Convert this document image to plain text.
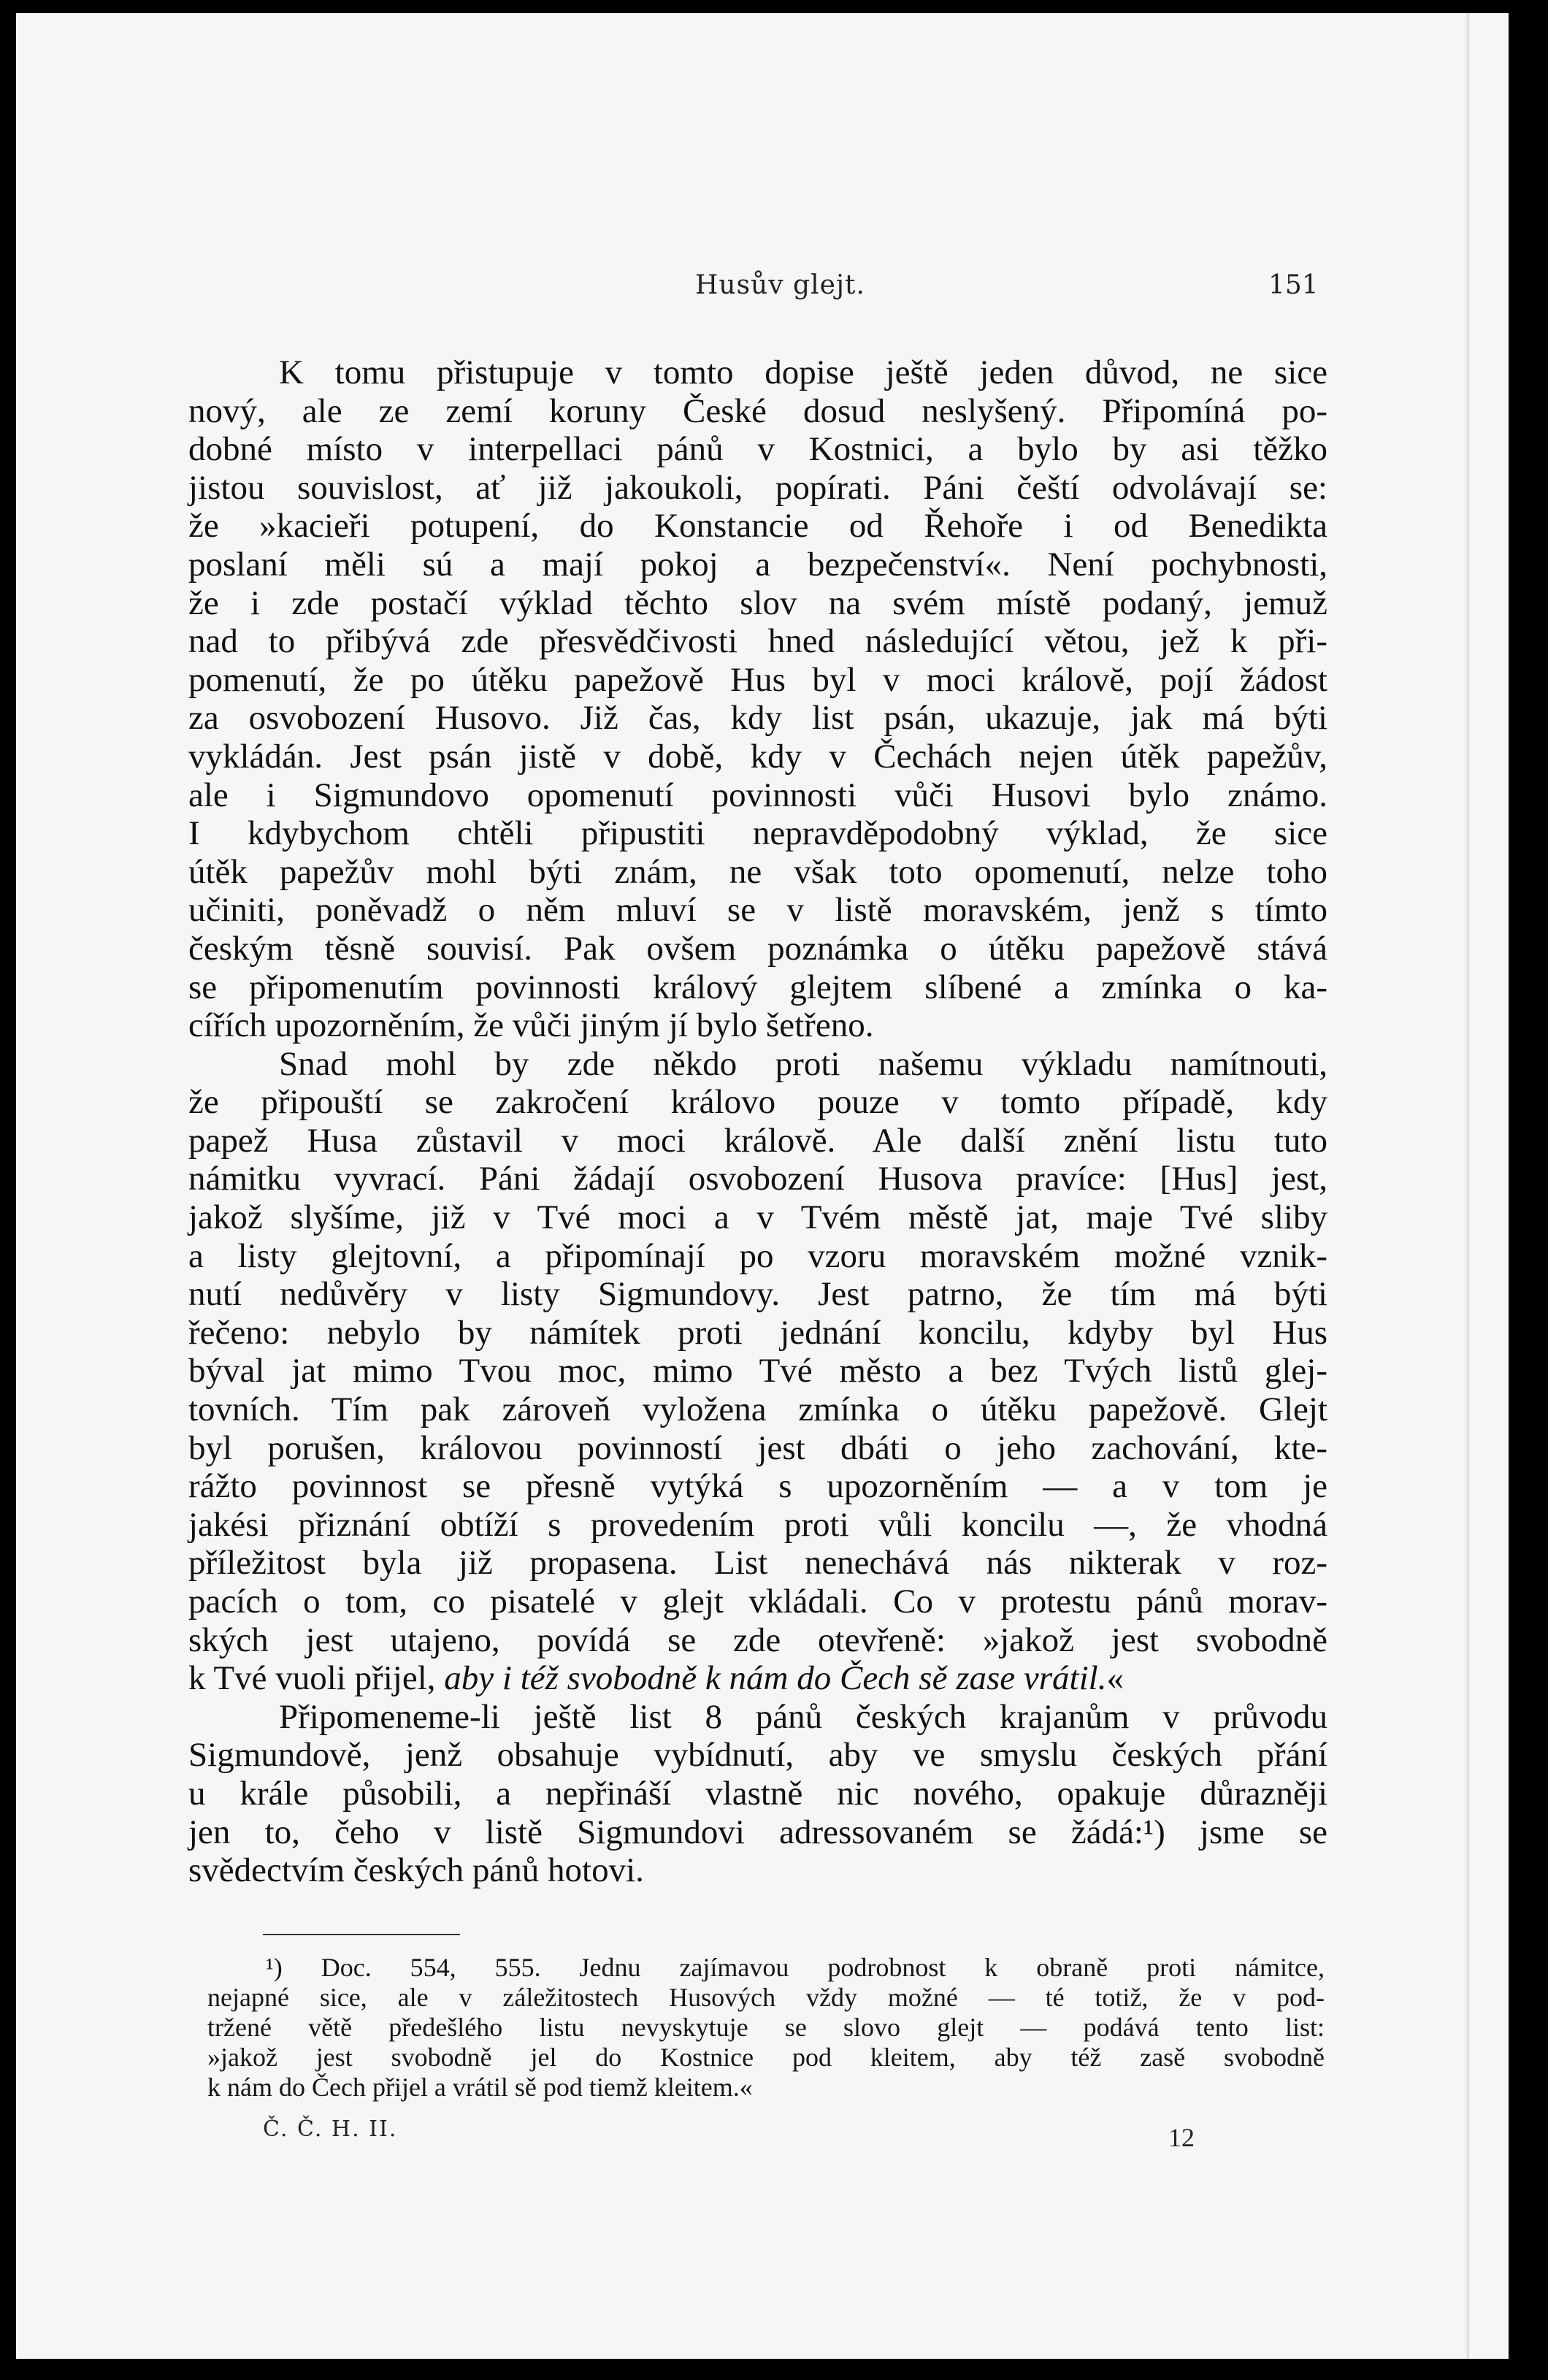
Husův glejt.	151

K tomu přistupuje v tomto dopise ještě jeden důvod, ne sice
nový, ale ze zemí koruny České dosud neslyšený. Připomíná po-
dobné místo v interpellaci pánů v Kostnici, a bylo by asi těžko
jistou souvislost, ať již jakoukoli, popírati. Páni čeští odvolávají se:
že »kacieři potupení, do Konstancie od Řehoře i od Benedikta
poslaní měli sú a mají pokoj a bezpečenství«. Není pochybnosti,
že i zde postačí výklad těchto slov na svém místě podaný, jemuž
nad to přibývá zde přesvědčivosti hned následující větou, jež k při-
pomenutí, že po útěku papežově Hus byl v moci královĕ, pojí žádost
za osvobození Husovo. Již čas, kdy list psán, ukazuje, jak má býti
vykládán. Jest psán jistě v době, kdy v Čechách nejen útěk papežův,
ale i Sigmundovo opomenutí povinnosti vůči Husovi bylo známo.
I kdybychom chtěli připustiti nepravděpodobný výklad, že sice
útěk papežův mohl býti znám, ne však toto opomenutí, nelze toho
učiniti, poněvadž o něm mluví se v listě moravském, jenž s tímto
českým těsně souvisí. Pak ovšem poznámka o útěku papežově stává
se připomenutím povinnosti králový glejtem slíbené a zmínka o ka-
cířích upozorněním, že vůči jiným jí bylo šetřeno.

Snad mohl by zde někdo proti našemu výkladu namítnouti,
že připouští se zakročení královo pouze v tomto případě, kdy
papež Husa zůstavil v moci královĕ. Ale další znění listu tuto
námitku vyvrací. Páni žádají osvobození Husova pravíce: [Hus] jest,
jakož slyšíme, již v Tvé moci a v Tvém městě jat, maje Tvé sliby
a listy glejtovní, a připomínají po vzoru moravském možné vznik-
nutí nedůvěry v listy Sigmundovy. Jest patrno, že tím má býti
řečeno: nebylo by námítek proti jednání koncilu, kdyby byl Hus
býval jat mimo Tvou moc, mimo Tvé město a bez Tvých listů glej-
tovních. Tím pak zároveň vyložena zmínka o útěku papežově. Glejt
byl porušen, královou povinností jest dbáti o jeho zachování, kte-
rážto povinnost se přesně vytýká s upozorněním — a v tom je
jakési přiznání obtíží s provedením proti vůli koncilu —, že vhodná
příležitost byla již propasena. List nenechává nás nikterak v roz-
pacích o tom, co pisatelé v glejt vkládali. Co v protestu pánů morav-
ských jest utajeno, povídá se zde otevřeně: »jakož jest svobodně
k Tvé vuoli přijel, aby i též svobodně k nám do Čech sě zase vrátil.«

Připomeneme-li ještě list 8 pánů českých krajanům v průvodu
Sigmundově, jenž obsahuje vybídnutí, aby ve smyslu českých přání
u krále působili, a nepřináší vlastně nic nového, opakuje důrazněji
jen to, čeho v listě Sigmundovi adressovaném se žádá:¹) jsme se
svědectvím českých pánů hotovi.

¹) Doc. 554, 555. Jednu zajímavou podrobnost k obraně proti námitce,
nejapné sice, ale v záležitostech Husových vždy možné — té totiž, že v pod-
tržené větě předešlého listu nevyskytuje se slovo glejt — podává tento list:
»jakož jest svobodně jel do Kostnice pod kleitem, aby též zasě svobodně
k nám do Čech přijel a vrátil sě pod tiemž kleitem.«
Č. Č. H. II.	12
